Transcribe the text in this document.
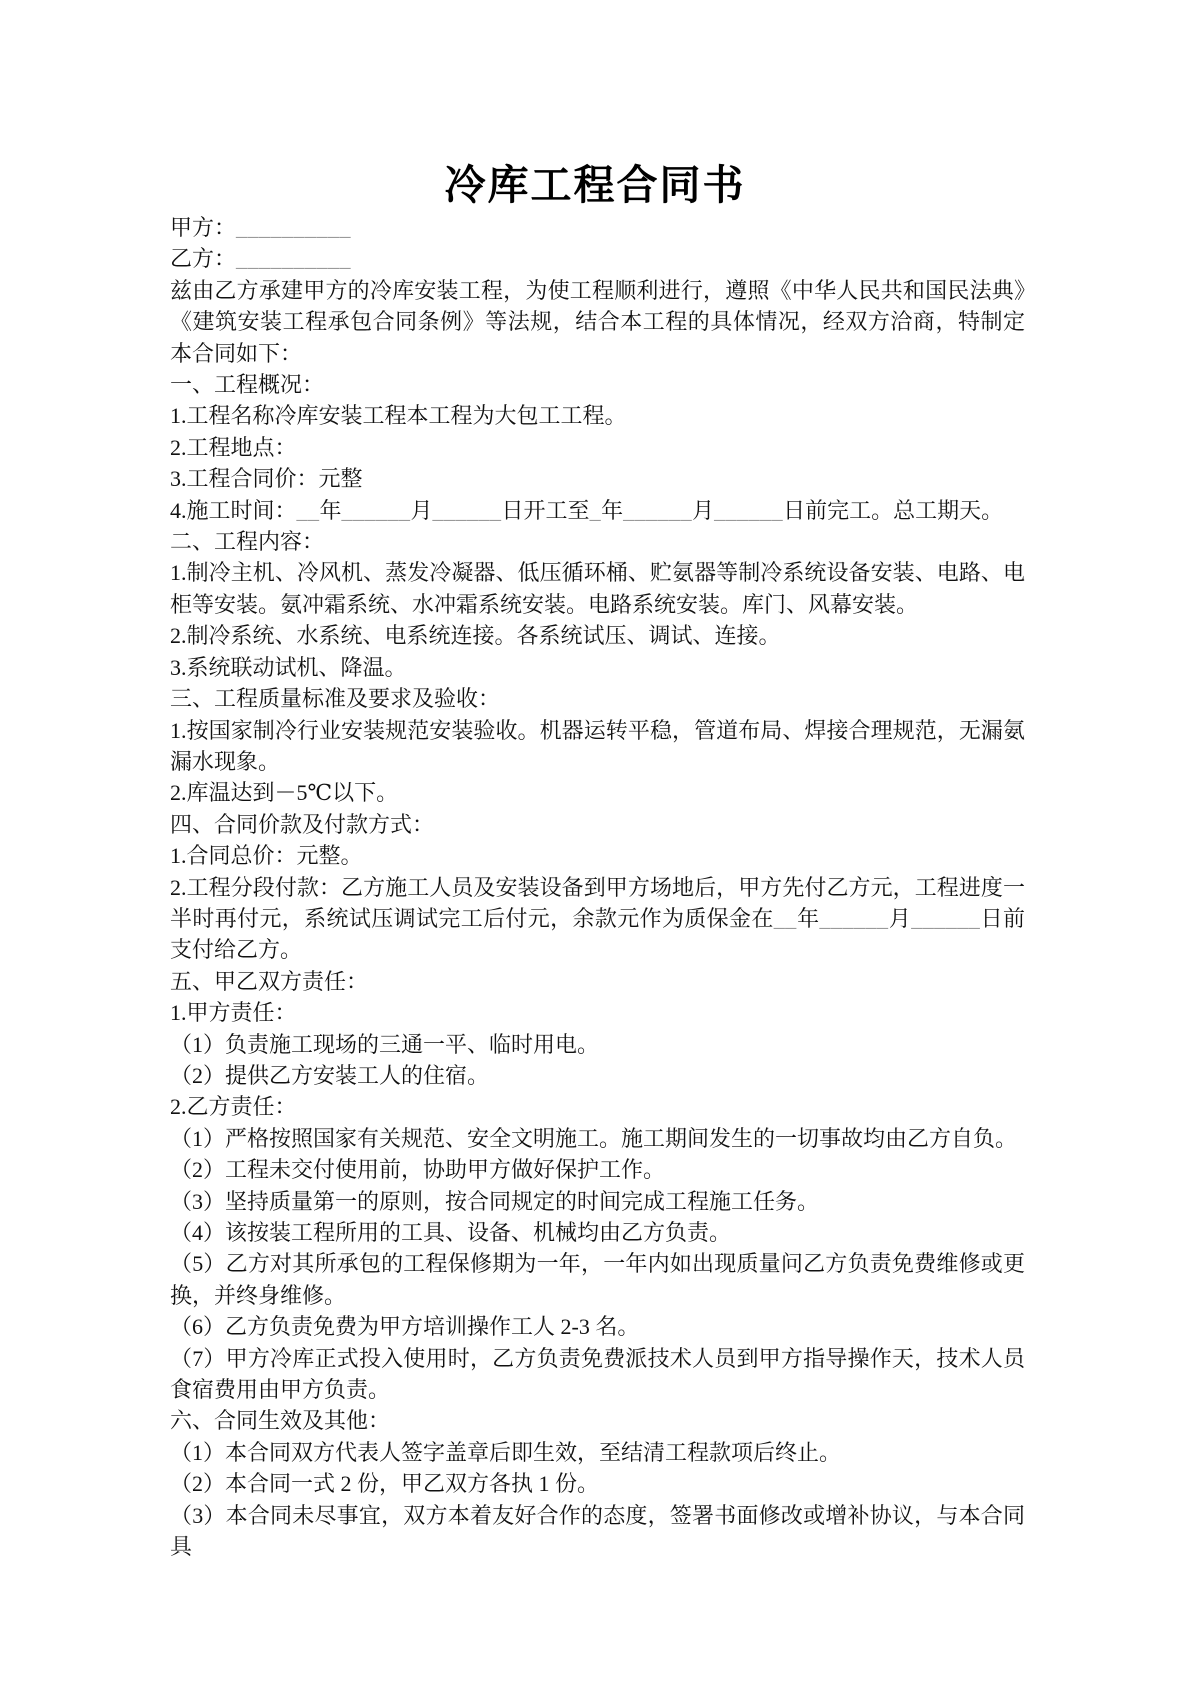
冷库工程合同书
甲方：__________
乙方：__________
兹由乙方承建甲方的冷库安装工程，为使工程顺利进行，遵照《中华人民共和国民法典》《建筑安装工程承包合同条例》等法规，结合本工程的具体情况，经双方洽商，特制定本合同如下：
一、工程概况：
1.工程名称冷库安装工程本工程为大包工工程。
2.工程地点：
3.工程合同价：元整
4.施工时间：__年______月______日开工至_年______月______日前完工。总工期天。
二、工程内容：
1.制冷主机、冷风机、蒸发冷凝器、低压循环桶、贮氨器等制冷系统设备安装、电路、电柜等安装。氨冲霜系统、水冲霜系统安装。电路系统安装。库门、风幕安装。
2.制冷系统、水系统、电系统连接。各系统试压、调试、连接。
3.系统联动试机、降温。
三、工程质量标准及要求及验收：
1.按国家制冷行业安装规范安装验收。机器运转平稳，管道布局、焊接合理规范，无漏氨漏水现象。
2.库温达到－5℃以下。
四、合同价款及付款方式：
1.合同总价：元整。
2.工程分段付款：乙方施工人员及安装设备到甲方场地后，甲方先付乙方元，工程进度一半时再付元，系统试压调试完工后付元，余款元作为质保金在__年______月______日前支付给乙方。
五、甲乙双方责任：
1.甲方责任：
（1）负责施工现场的三通一平、临时用电。
（2）提供乙方安装工人的住宿。
2.乙方责任：
（1）严格按照国家有关规范、安全文明施工。施工期间发生的一切事故均由乙方自负。
（2）工程未交付使用前，协助甲方做好保护工作。
（3）坚持质量第一的原则，按合同规定的时间完成工程施工任务。
（4）该按装工程所用的工具、设备、机械均由乙方负责。
（5）乙方对其所承包的工程保修期为一年，一年内如出现质量问乙方负责免费维修或更换，并终身维修。
（6）乙方负责免费为甲方培训操作工人 2-3 名。
（7）甲方冷库正式投入使用时，乙方负责免费派技术人员到甲方指导操作天，技术人员食宿费用由甲方负责。
六、合同生效及其他：
（1）本合同双方代表人签字盖章后即生效，至结清工程款项后终止。
（2）本合同一式 2 份，甲乙双方各执 1 份。
（3）本合同未尽事宜，双方本着友好合作的态度，签署书面修改或增补协议，与本合同具
